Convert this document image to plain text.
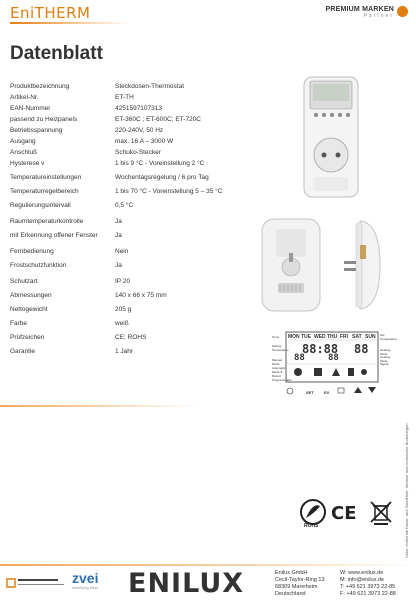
EniTHERM	PREMIUM MARKEN
Partner
Datenblatt
Produktbezeichnung	Steckdosen-Thermostat
Artikel-Nr.	ET-TH
EAN-Nummer	4251597107313
passend zu Heizpanels	ET-360C ; ET-600C; ET-720C
Betriebsspannung	220-240V, 50 Hz
Ausgang	max. 16 A – 3000 W
Anschluß	Schuko-Stecker
Hysterese v	1 bis 9 °C - Voreinstellung 2 °C
Temperatureinstellungen	Wochentagsregelung / 6 pro Tag
Temperaturregelbereich	1 bis 70 °C - Voreinstellung 5 – 35 °C
Regulierungsintervall	0,5 °C
Raumtemperaturkontrolle	Ja
mit Erkennung offener Fenster	Ja
Fernbedienung	Nein
Frostschutzfunktion	Ja
Schutzart	IP 20
Abmessungen	140 x 66 x 75 mm
Nettogewicht	205 g
Farbe	weiß
Prüfzeichen	CE; ROHS
Garantie	1 Jahr
MON TUE WED THU FRI SAT SUN
88:88 88
88	88
Set Temperature
Heating Mode
Cooling Mode
Signal
Temp
Setting Temperature
Manual Mode
Automatic Mode & Period Programmable
SET	EX
Unter Vorbehalt Druck- und Satzfehler, Irrtümer und technische Änderungen
ROHS
CE
zvei
electrifying ideas ENILUX	Enilux GmbH
Cecil-Taylor-Ring 13
68309 Mannheim
Deutschland
W: www.enilux.de
M: info@enilux.de
T: +49 621 3973 22-85
F: +49 621 3973 22-88
